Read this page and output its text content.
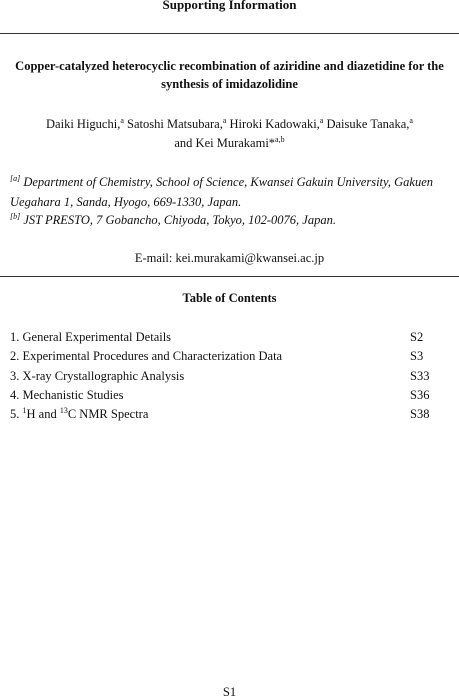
Supporting Information
Copper-catalyzed heterocyclic recombination of aziridine and diazetidine for the
synthesis of imidazolidine
Daiki Higuchi,$^a$ Satoshi Matsubara,$^a$ Hiroki Kadowaki,$^a$ Daisuke Tanaka,$^a$
and Kei Murakami*$^{a,b}$
[a] Department of Chemistry, School of Science, Kwansei Gakuin University, Gakuen
Uegahara 1, Sanda, Hyogo, 669-1330, Japan.
[b] JST PRESTO, 7 Gobancho, Chiyoda, Tokyo, 102-0076, Japan.
E-mail: kei.murakami@kwansei.ac.jp
Table of Contents
1. General Experimental Details	S2
2. Experimental Procedures and Characterization Data	S3
3. X-ray Crystallographic Analysis	S33
4. Mechanistic Studies	S36
5. $^1$H and $^{13}$C NMR Spectra	S38
S1
